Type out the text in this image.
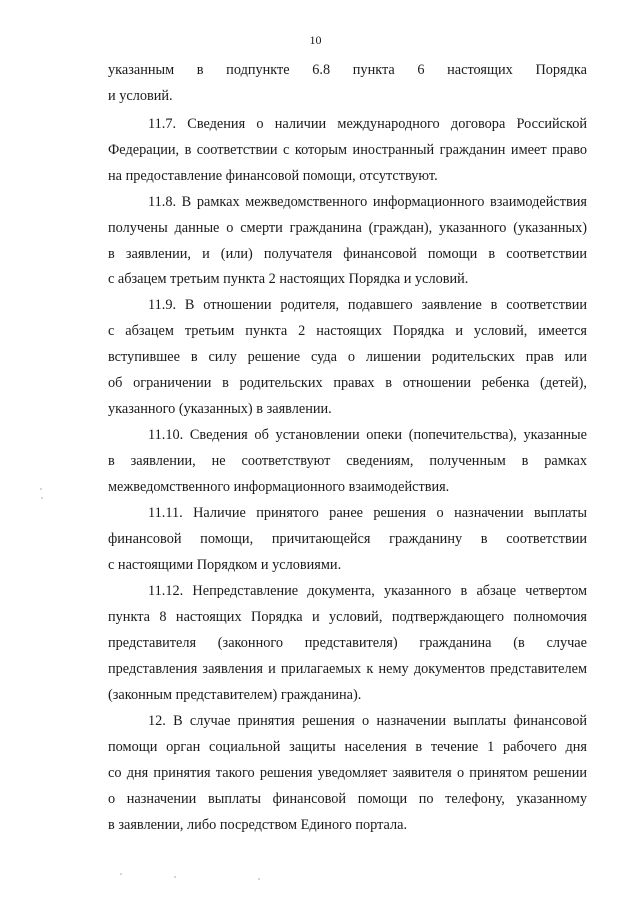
10
указанным в подпункте 6.8 пункта 6 настоящих Порядка
и условий.
11.7. Сведения о наличии международного договора Российской
Федерации, в соответствии с которым иностранный гражданин имеет право
на предоставление финансовой помощи, отсутствуют.
11.8. В рамках межведомственного информационного взаимодействия
получены данные о смерти гражданина (граждан), указанного (указанных)
в заявлении, и (или) получателя финансовой помощи в соответствии
с абзацем третьим пункта 2 настоящих Порядка и условий.
11.9. В отношении родителя, подавшего заявление в соответствии
с абзацем третьим пункта 2 настоящих Порядка и условий, имеется
вступившее в силу решение суда о лишении родительских прав или
об ограничении в родительских правах в отношении ребенка (детей),
указанного (указанных) в заявлении.
11.10. Сведения об установлении опеки (попечительства), указанные
в заявлении, не соответствуют сведениям, полученным в рамках
межведомственного информационного взаимодействия.
11.11. Наличие принятого ранее решения о назначении выплаты
финансовой помощи, причитающейся гражданину в соответствии
с настоящими Порядком и условиями.
11.12. Непредставление документа, указанного в абзаце четвертом
пункта 8 настоящих Порядка и условий, подтверждающего полномочия
представителя (законного представителя) гражданина (в случае
представления заявления и прилагаемых к нему документов представителем
(законным представителем) гражданина).
12. В случае принятия решения о назначении выплаты финансовой
помощи орган социальной защиты населения в течение 1 рабочего дня
со дня принятия такого решения уведомляет заявителя о принятом решении
о назначении выплаты финансовой помощи по телефону, указанному
в заявлении, либо посредством Единого портала.
